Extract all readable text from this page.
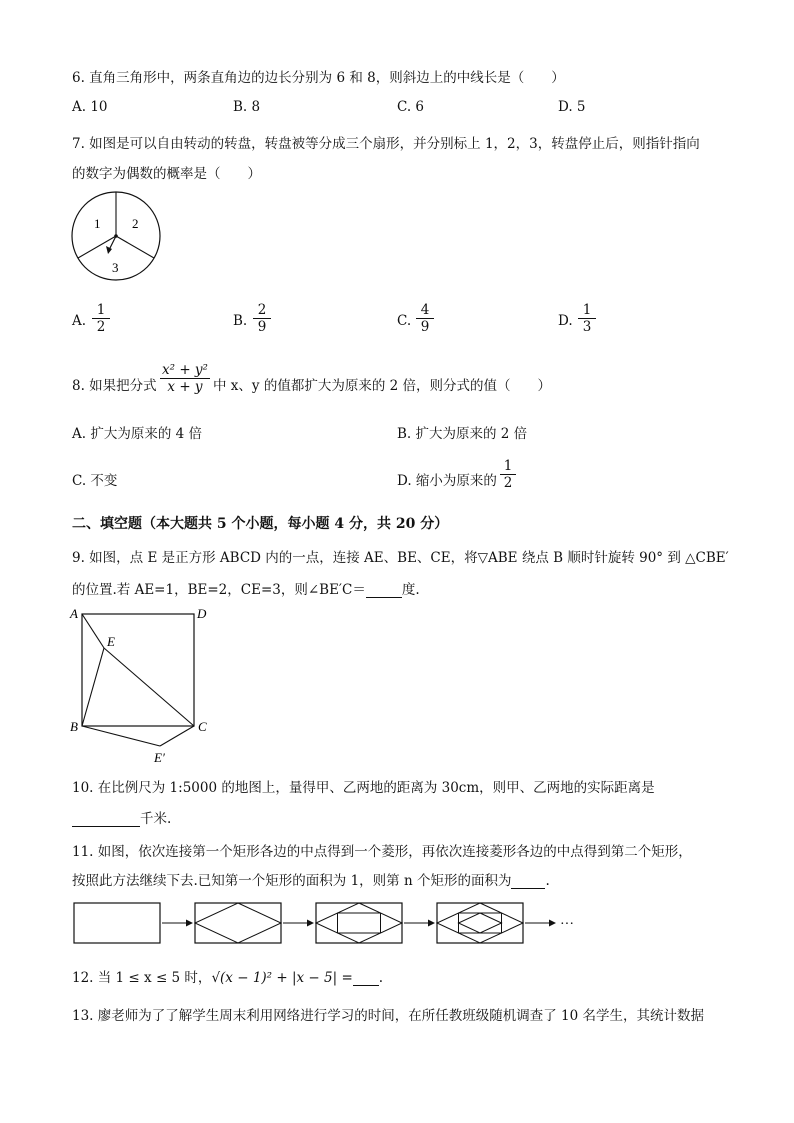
6. 直角三角形中，两条直角边的边长分别为 6 和 8，则斜边上的中线长是（　　）
A. 10	B. 8	C. 6	D. 5
7. 如图是可以自由转动的转盘，转盘被等分成三个扇形，并分别标上 1，2，3，转盘停止后，则指针指向
的数字为偶数的概率是（　　）
1 2
3
A. $\frac{1}{2}$	B. $\frac{2}{9}$	C. $\frac{4}{9}$	D. $\frac{1}{3}$
8. 如果把分式 $\frac{\text{x² + y²}}{x + y}$ 中 x、y 的值都扩大为原来的 2 倍，则分式的值（　　）
A. 扩大为原来的 4 倍	B. 扩大为原来的 2 倍
C. 不变	D. 缩小为原来的 $\frac{1}{2}$
二、填空题（本大题共 5 个小题，每小题 4 分，共 20 分）
9. 如图，点 E 是正方形 ABCD 内的一点，连接 AE、BE、CE，将▽ABE 绕点 B 顺时针旋转 90° 到 △CBE′
的位置.若 AE=1，BE=2，CE=3，则∠BE′C＝	度.
A	D
E
B	C
E′
10. 在比例尺为 1:5000 的地图上，量得甲、乙两地的距离为 30cm，则甲、乙两地的实际距离是
千米.
11. 如图，依次连接第一个矩形各边的中点得到一个菱形，再依次连接菱形各边的中点得到第二个矩形，
按照此方法继续下去.已知第一个矩形的面积为 1，则第 n 个矩形的面积为	.
···
12. 当 1 ≤ x ≤ 5 时，√(x − 1)² + |x − 5| = .
13. 廖老师为了了解学生周末利用网络进行学习的时间，在所任教班级随机调查了 10 名学生，其统计数据
